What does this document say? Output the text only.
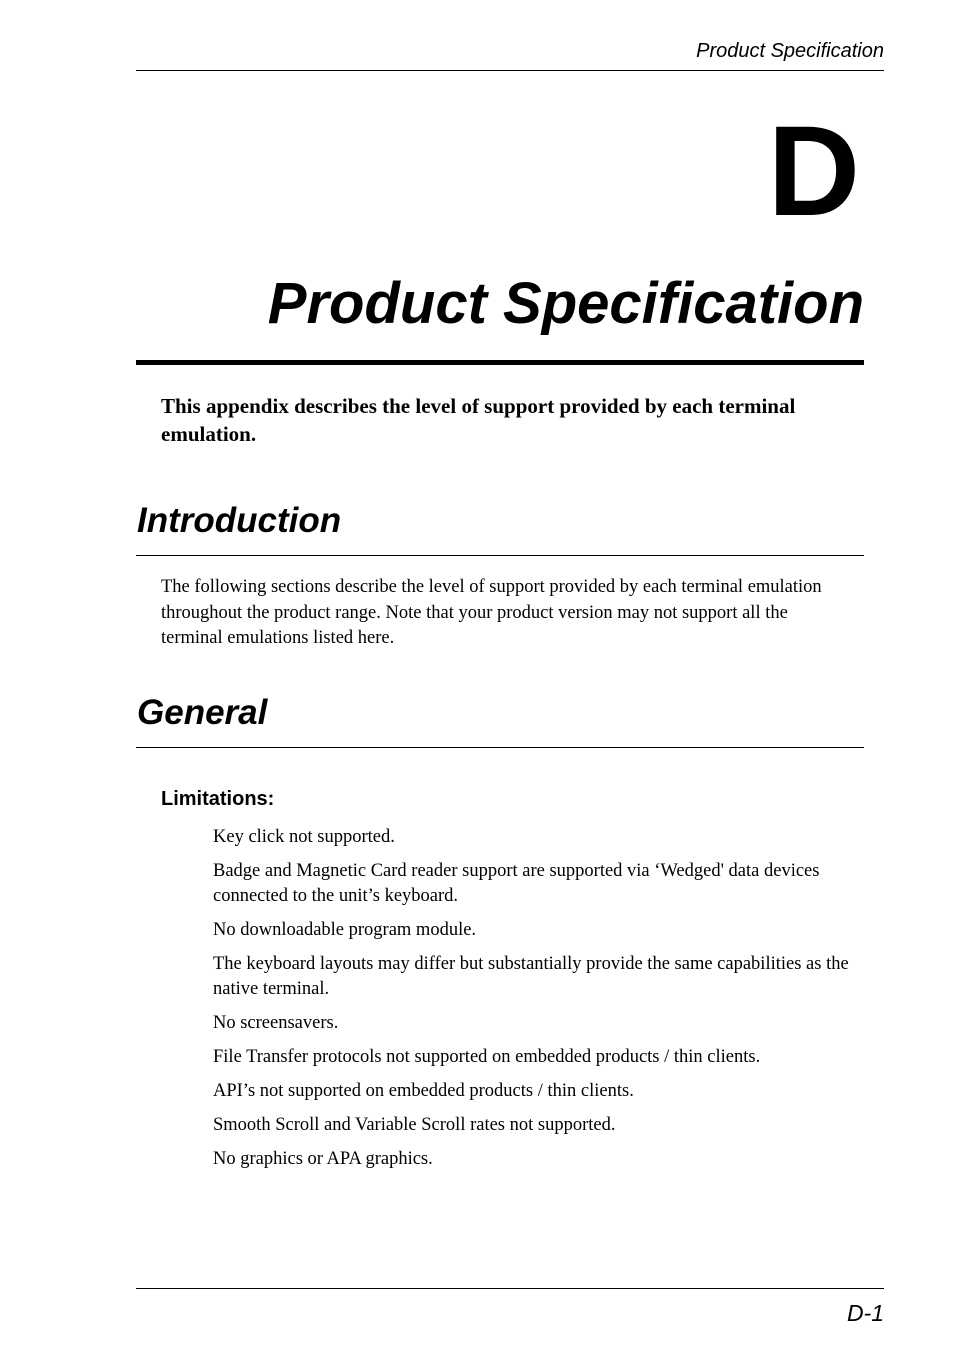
Product Specification
D
Product Specification
This appendix describes the level of support provided by each terminal emulation.
Introduction
The following sections describe the level of support provided by each terminal emulation throughout the product range. Note that your product version may not support all the terminal emulations listed here.
General
Limitations:
Key click not supported.
Badge and Magnetic Card reader support are supported via ‘Wedged' data devices connected to the unit’s keyboard.
No downloadable program module.
The keyboard layouts may differ but substantially provide the same capabilities as the native terminal.
No screensavers.
File Transfer protocols not supported on embedded products / thin clients.
API’s not supported on embedded products / thin clients.
Smooth Scroll and Variable Scroll rates not supported.
No graphics or APA graphics.
D-1
